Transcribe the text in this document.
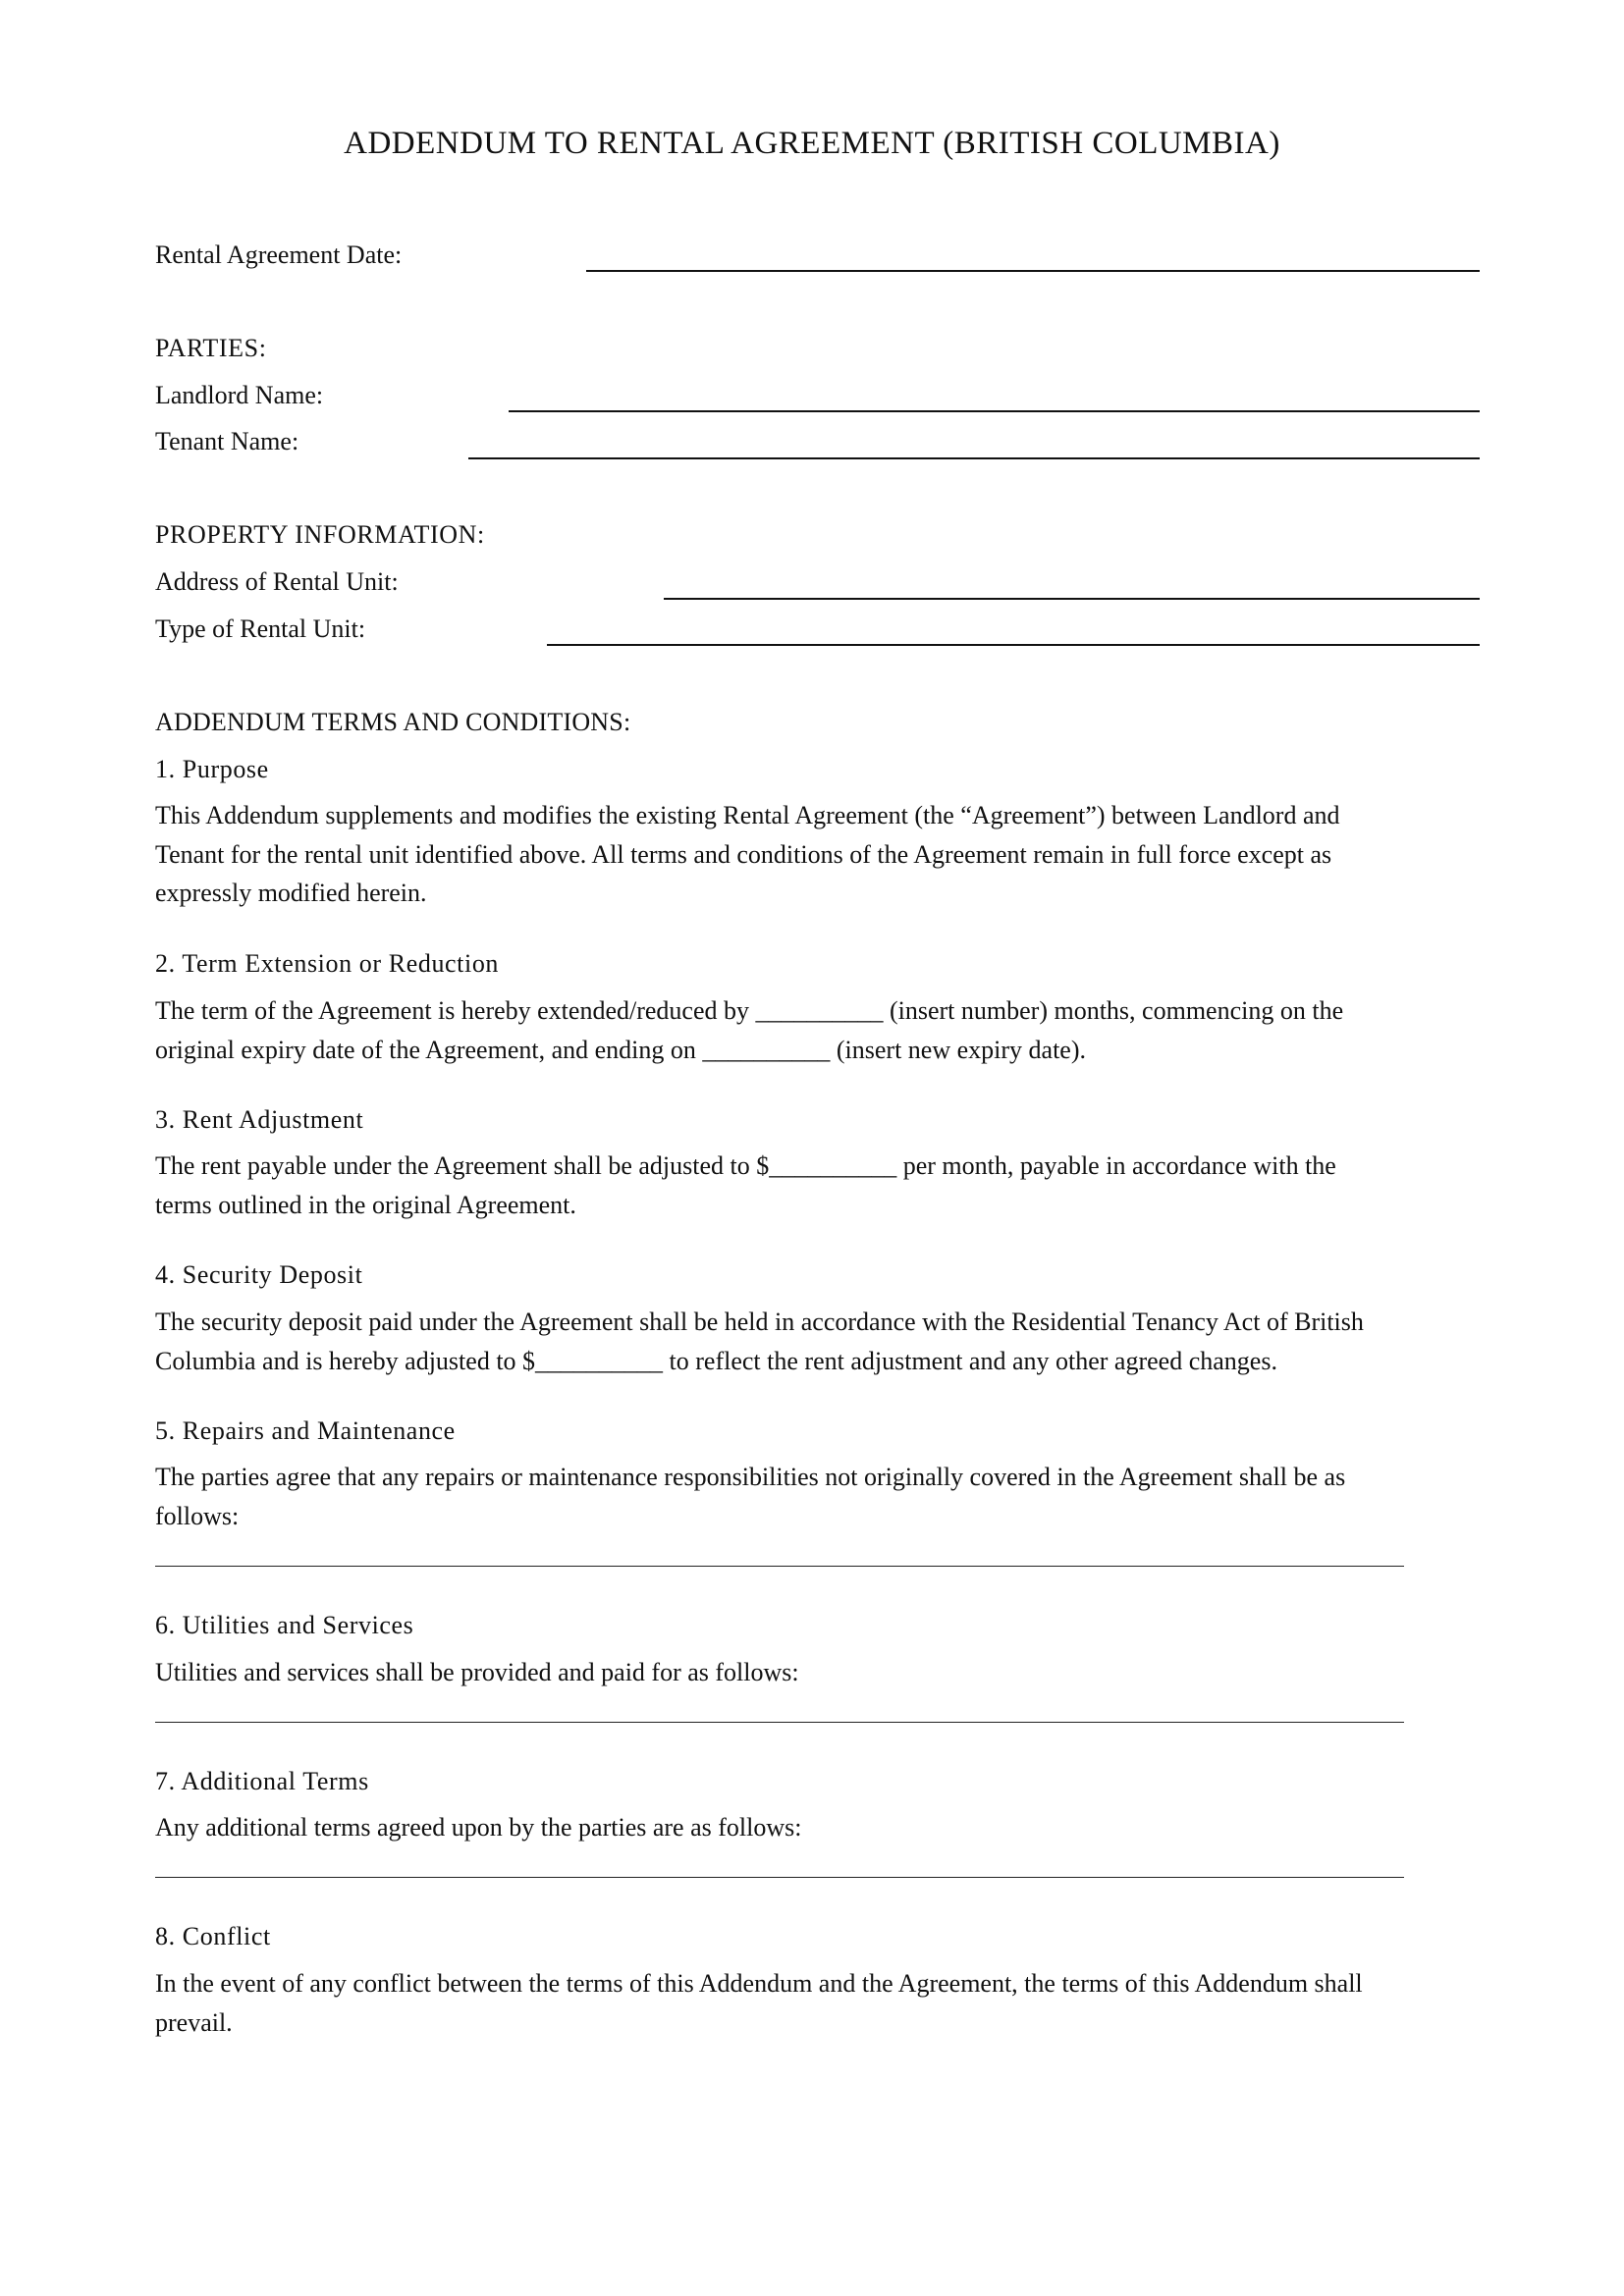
ADDENDUM TO RENTAL AGREEMENT (BRITISH COLUMBIA)
Rental Agreement Date:
PARTIES:
Landlord Name:
Tenant Name:
PROPERTY INFORMATION:
Address of Rental Unit:
Type of Rental Unit:
ADDENDUM TERMS AND CONDITIONS:
1. Purpose
This Addendum supplements and modifies the existing Rental Agreement (the “Agreement”) between Landlord and
Tenant for the rental unit identified above. All terms and conditions of the Agreement remain in full force except as
expressly modified herein.
2. Term Extension or Reduction
The term of the Agreement is hereby extended/reduced by __________ (insert number) months, commencing on the
original expiry date of the Agreement, and ending on __________ (insert new expiry date).
3. Rent Adjustment
The rent payable under the Agreement shall be adjusted to $__________ per month, payable in accordance with the
terms outlined in the original Agreement.
4. Security Deposit
The security deposit paid under the Agreement shall be held in accordance with the Residential Tenancy Act of British
Columbia and is hereby adjusted to $__________ to reflect the rent adjustment and any other agreed changes.
5. Repairs and Maintenance
The parties agree that any repairs or maintenance responsibilities not originally covered in the Agreement shall be as
follows:
6. Utilities and Services
Utilities and services shall be provided and paid for as follows:
7. Additional Terms
Any additional terms agreed upon by the parties are as follows:
8. Conflict
In the event of any conflict between the terms of this Addendum and the Agreement, the terms of this Addendum shall
prevail.
